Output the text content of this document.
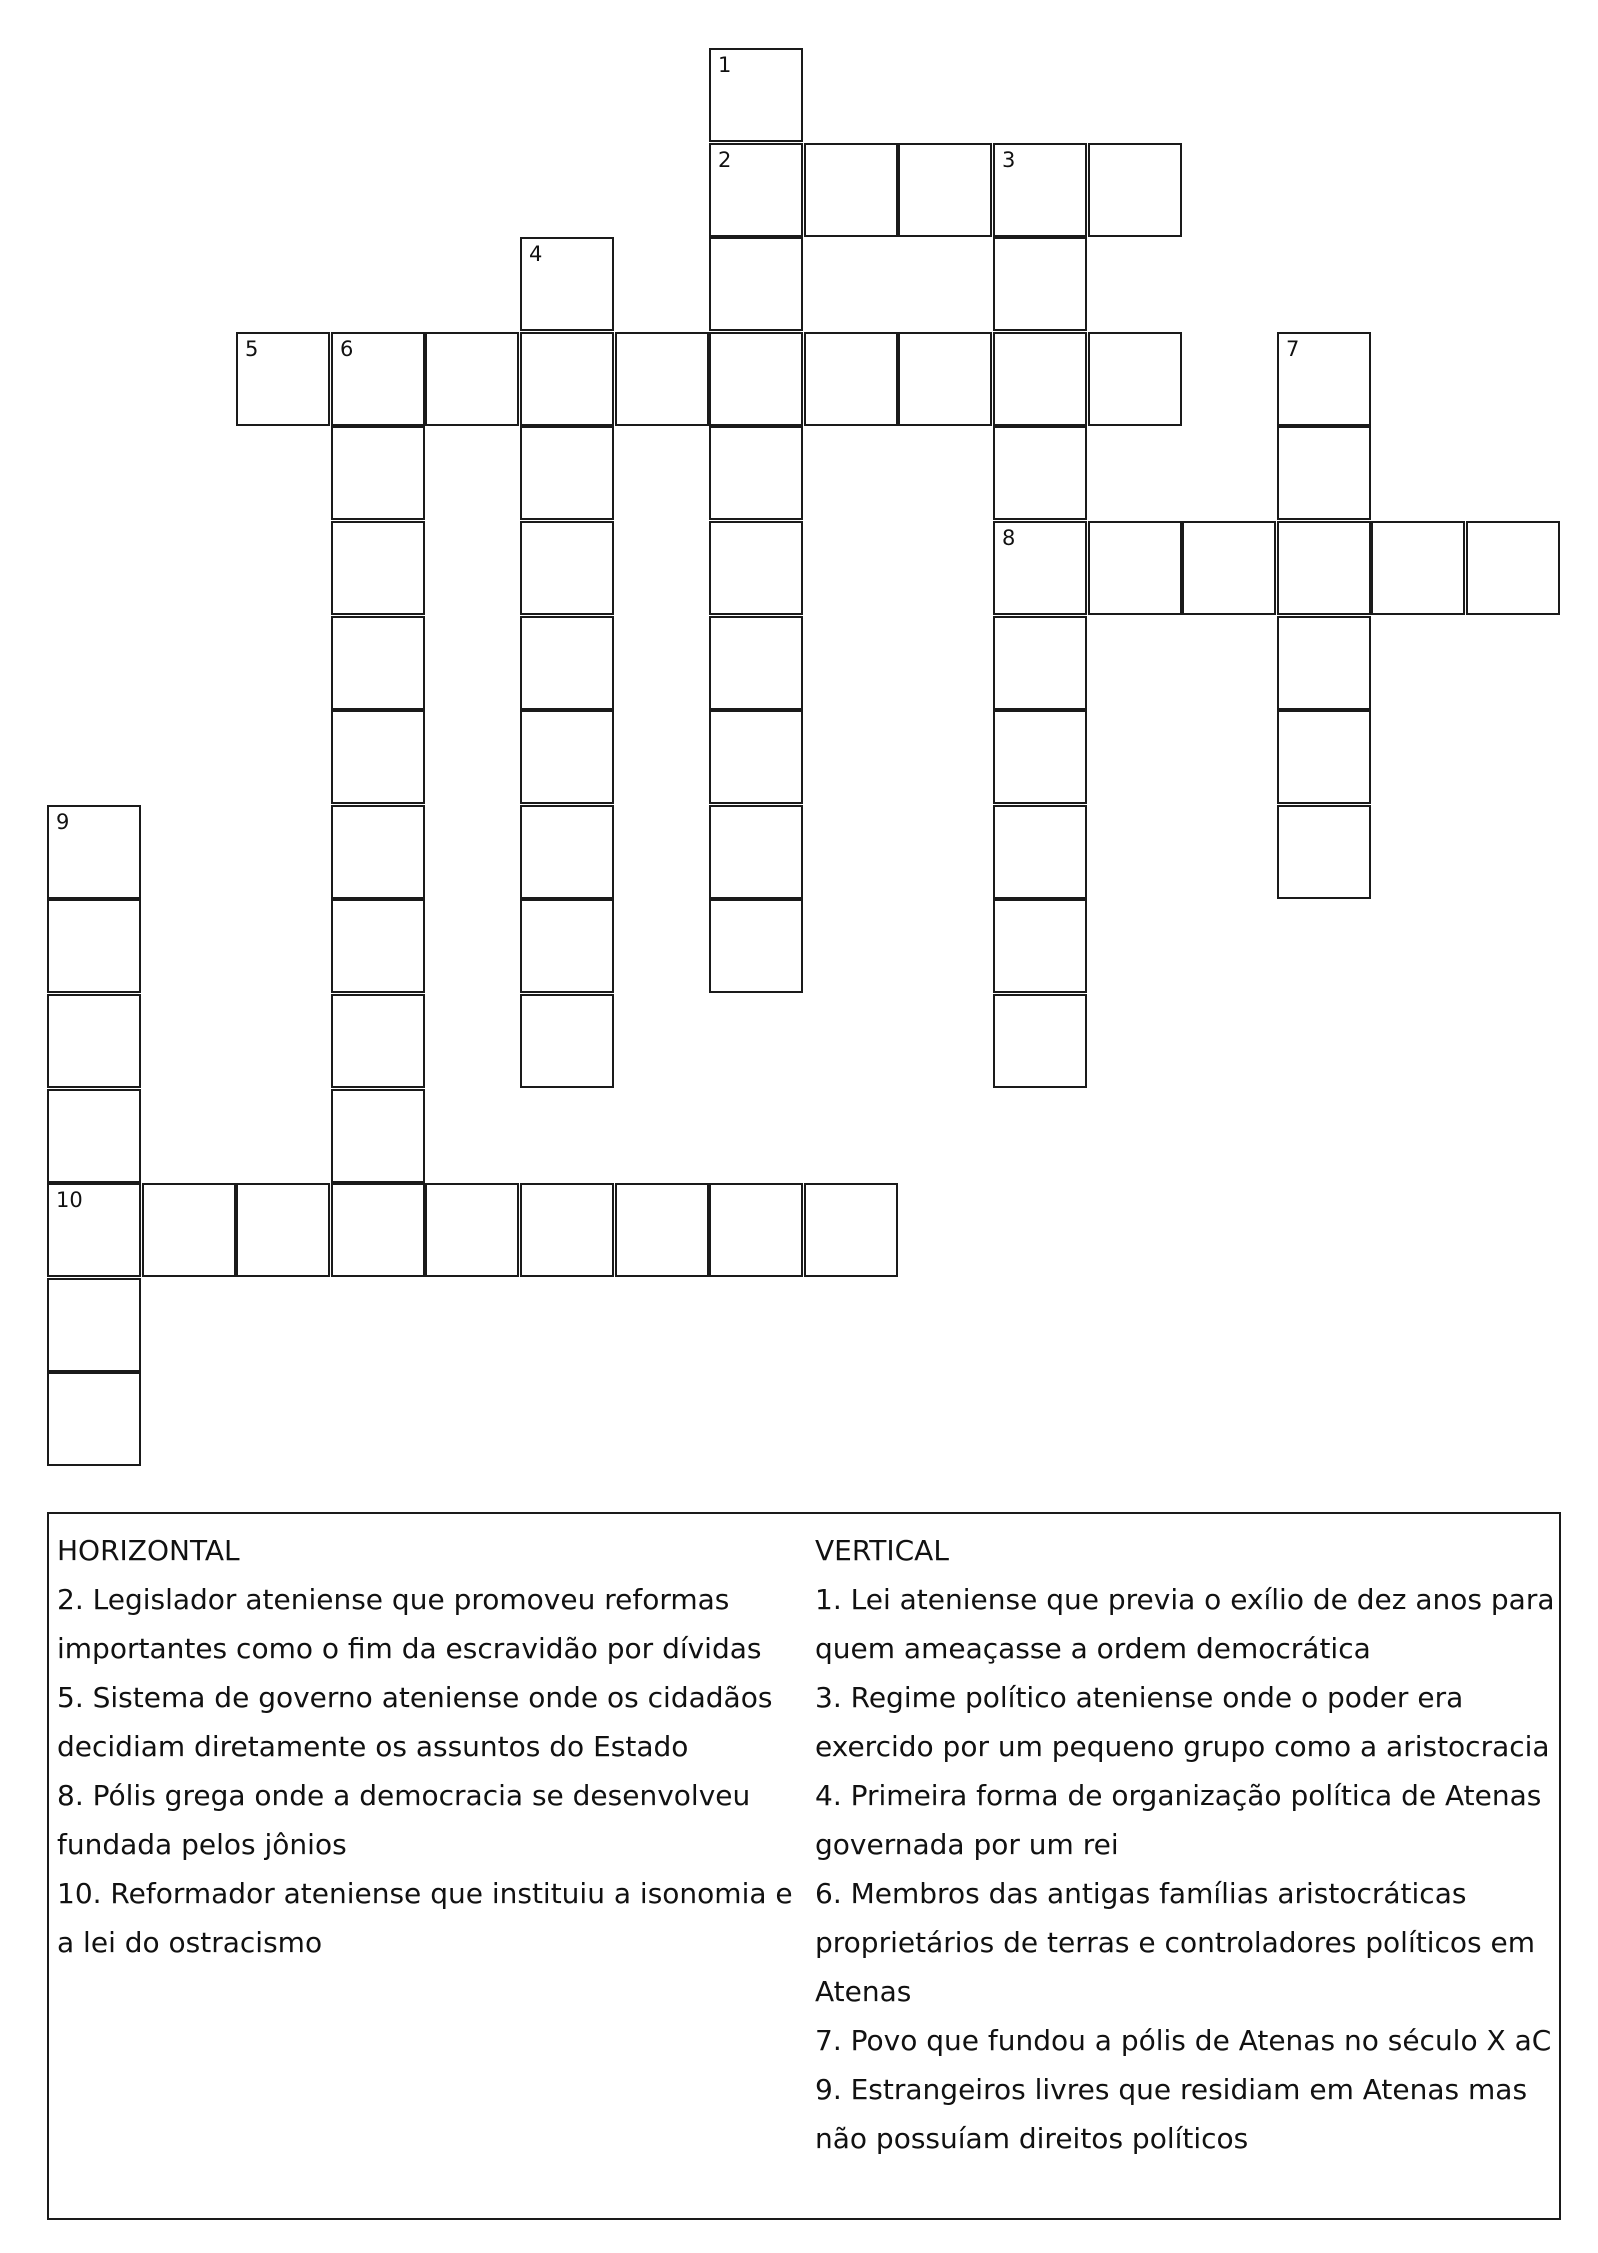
1
2	3
4
5	6	7
8
9
10
HORIZONTAL
2. Legislador ateniense que promoveu reformas importantes como o fim da escravidão por dívidas
5. Sistema de governo ateniense onde os cidadãos decidiam diretamente os assuntos do Estado
8. Pólis grega onde a democracia se desenvolveu fundada pelos jônios
10. Reformador ateniense que instituiu a isonomia e a lei do ostracismo
VERTICAL
1. Lei ateniense que previa o exílio de dez anos para quem ameaçasse a ordem democrática
3. Regime político ateniense onde o poder era exercido por um pequeno grupo como a aristocracia
4. Primeira forma de organização política de Atenas governada por um rei
6. Membros das antigas famílias aristocráticas proprietários de terras e controladores políticos em Atenas
7. Povo que fundou a pólis de Atenas no século X aC
9. Estrangeiros livres que residiam em Atenas mas não possuíam direitos políticos
